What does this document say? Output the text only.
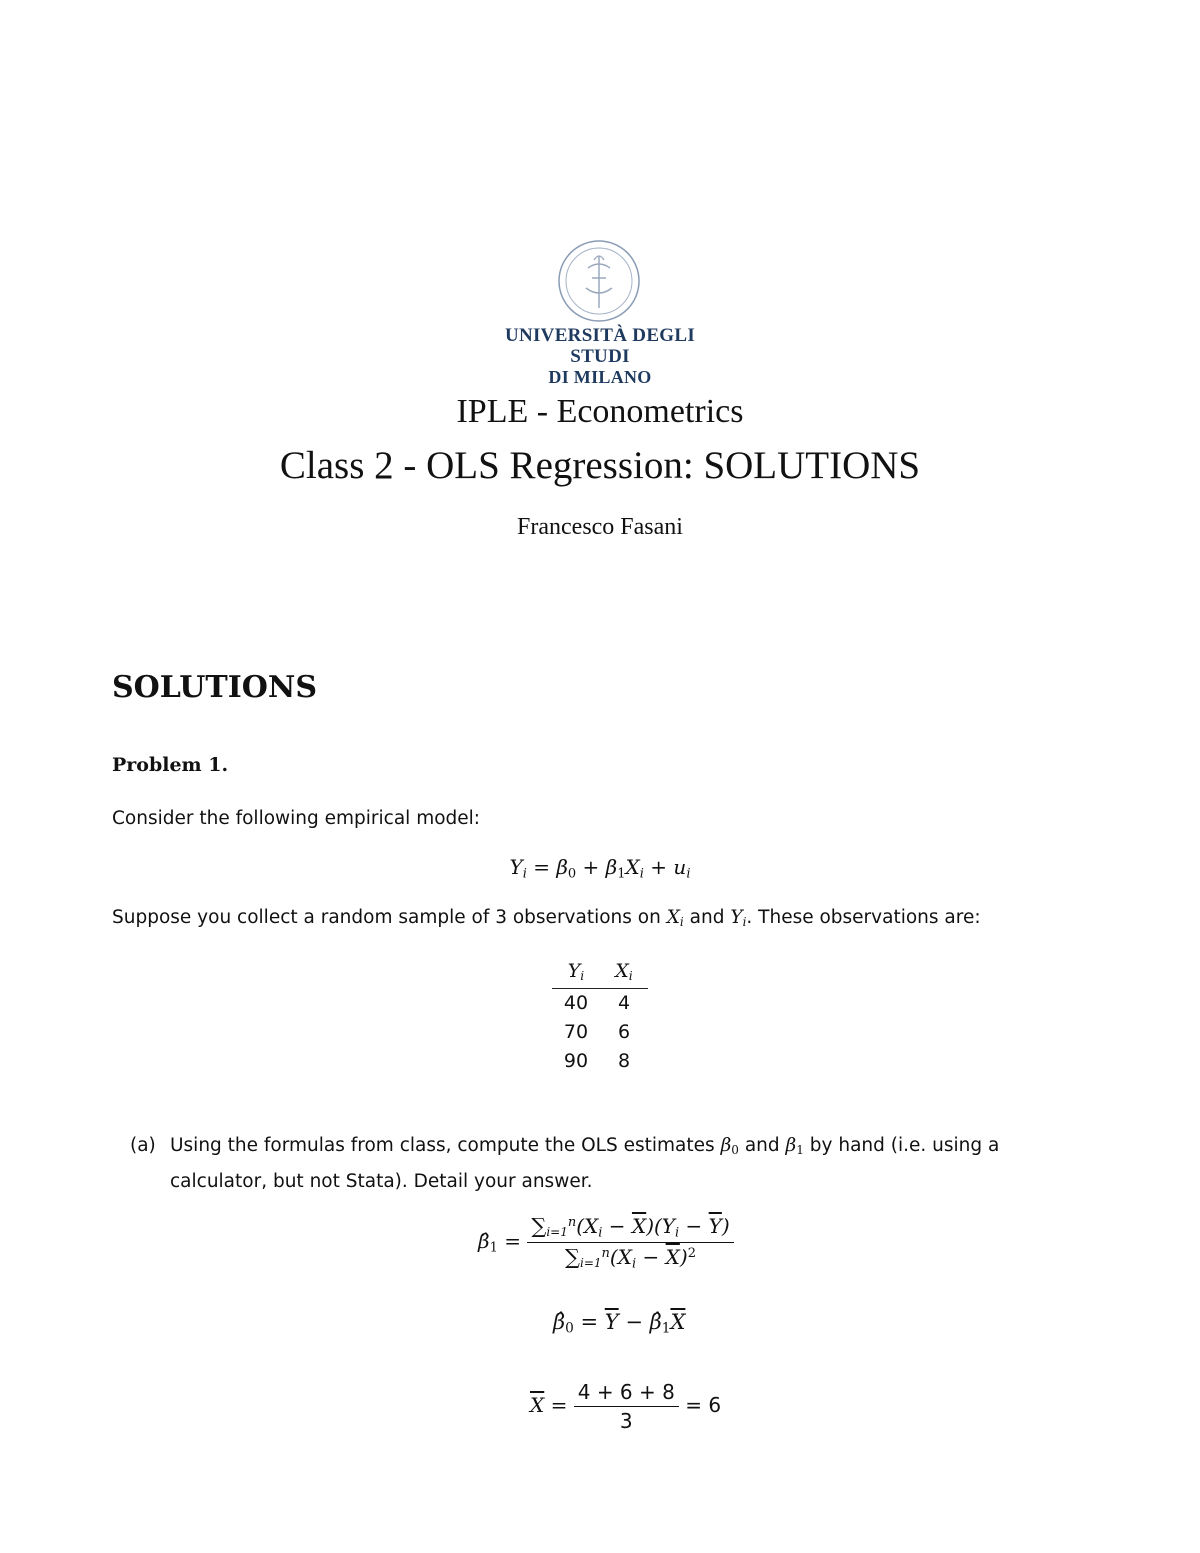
UNIVERSITÀ DEGLI STUDI
DI MILANO
IPLE - Econometrics
Class 2 - OLS Regression: SOLUTIONS
Francesco Fasani
SOLUTIONS
Problem 1.
Consider the following empirical model:
$Y_i = \beta_0 + \beta_1X_i + u_i$
Suppose you collect a random sample of 3 observations on $X_i$ and $Y_i$. These observations are:
$Y_i$	$X_i$
40	4
70	6
90	8
(a) Using the formulas from class, compute the OLS estimates $\beta_0$ and $\beta_1$ by hand (i.e. using a calculator, but not Stata). Detail your answer.
$\betâ_1 = \frac{\sum_{i=1}^n(X_i - \overline{X})(Y_i - \overline{Y})}{\sum_{i=1}^n(X_i - \overline{X})^2}$
$\betâ_0 = \overline{Y}$ − $\betâ_1\overline{X}$
$\overline{X} = \frac{4 + 6 + 8}{3} = 6$
